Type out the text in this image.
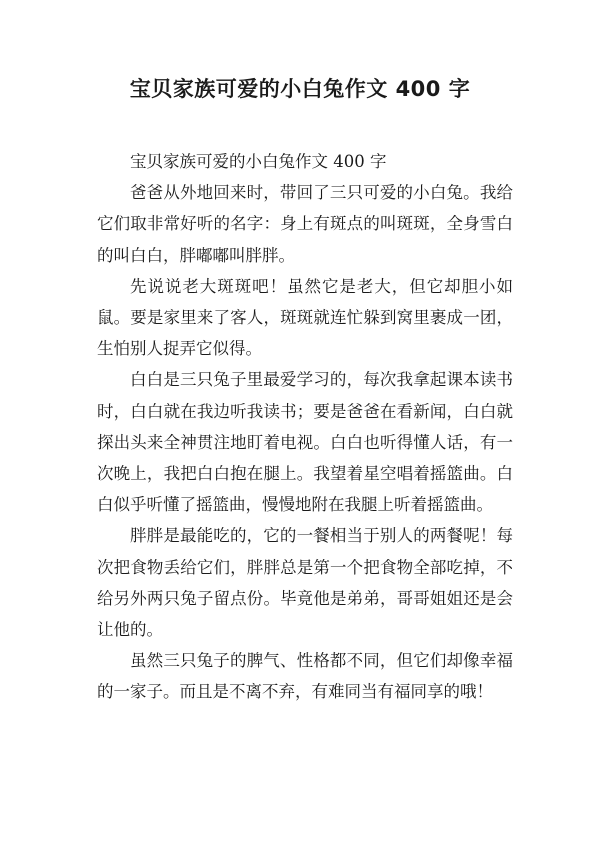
宝贝家族可爱的小白兔作文 400 字

宝贝家族可爱的小白兔作文 400 字

爸爸从外地回来时，带回了三只可爱的小白兔。我给它们取非常好听的名字：身上有斑点的叫斑斑，全身雪白的叫白白，胖嘟嘟叫胖胖。

先说说老大斑斑吧！虽然它是老大，但它却胆小如鼠。要是家里来了客人，斑斑就连忙躲到窝里裹成一团，生怕别人捉弄它似得。

白白是三只兔子里最爱学习的，每次我拿起课本读书时，白白就在我边听我读书；要是爸爸在看新闻，白白就探出头来全神贯注地盯着电视。白白也听得懂人话，有一次晚上，我把白白抱在腿上。我望着星空唱着摇篮曲。白白似乎听懂了摇篮曲，慢慢地附在我腿上听着摇篮曲。

胖胖是最能吃的，它的一餐相当于别人的两餐呢！每次把食物丢给它们，胖胖总是第一个把食物全部吃掉，不给另外两只兔子留点份。毕竟他是弟弟，哥哥姐姐还是会让他的。

虽然三只兔子的脾气、性格都不同，但它们却像幸福的一家子。而且是不离不弃，有难同当有福同享的哦！
